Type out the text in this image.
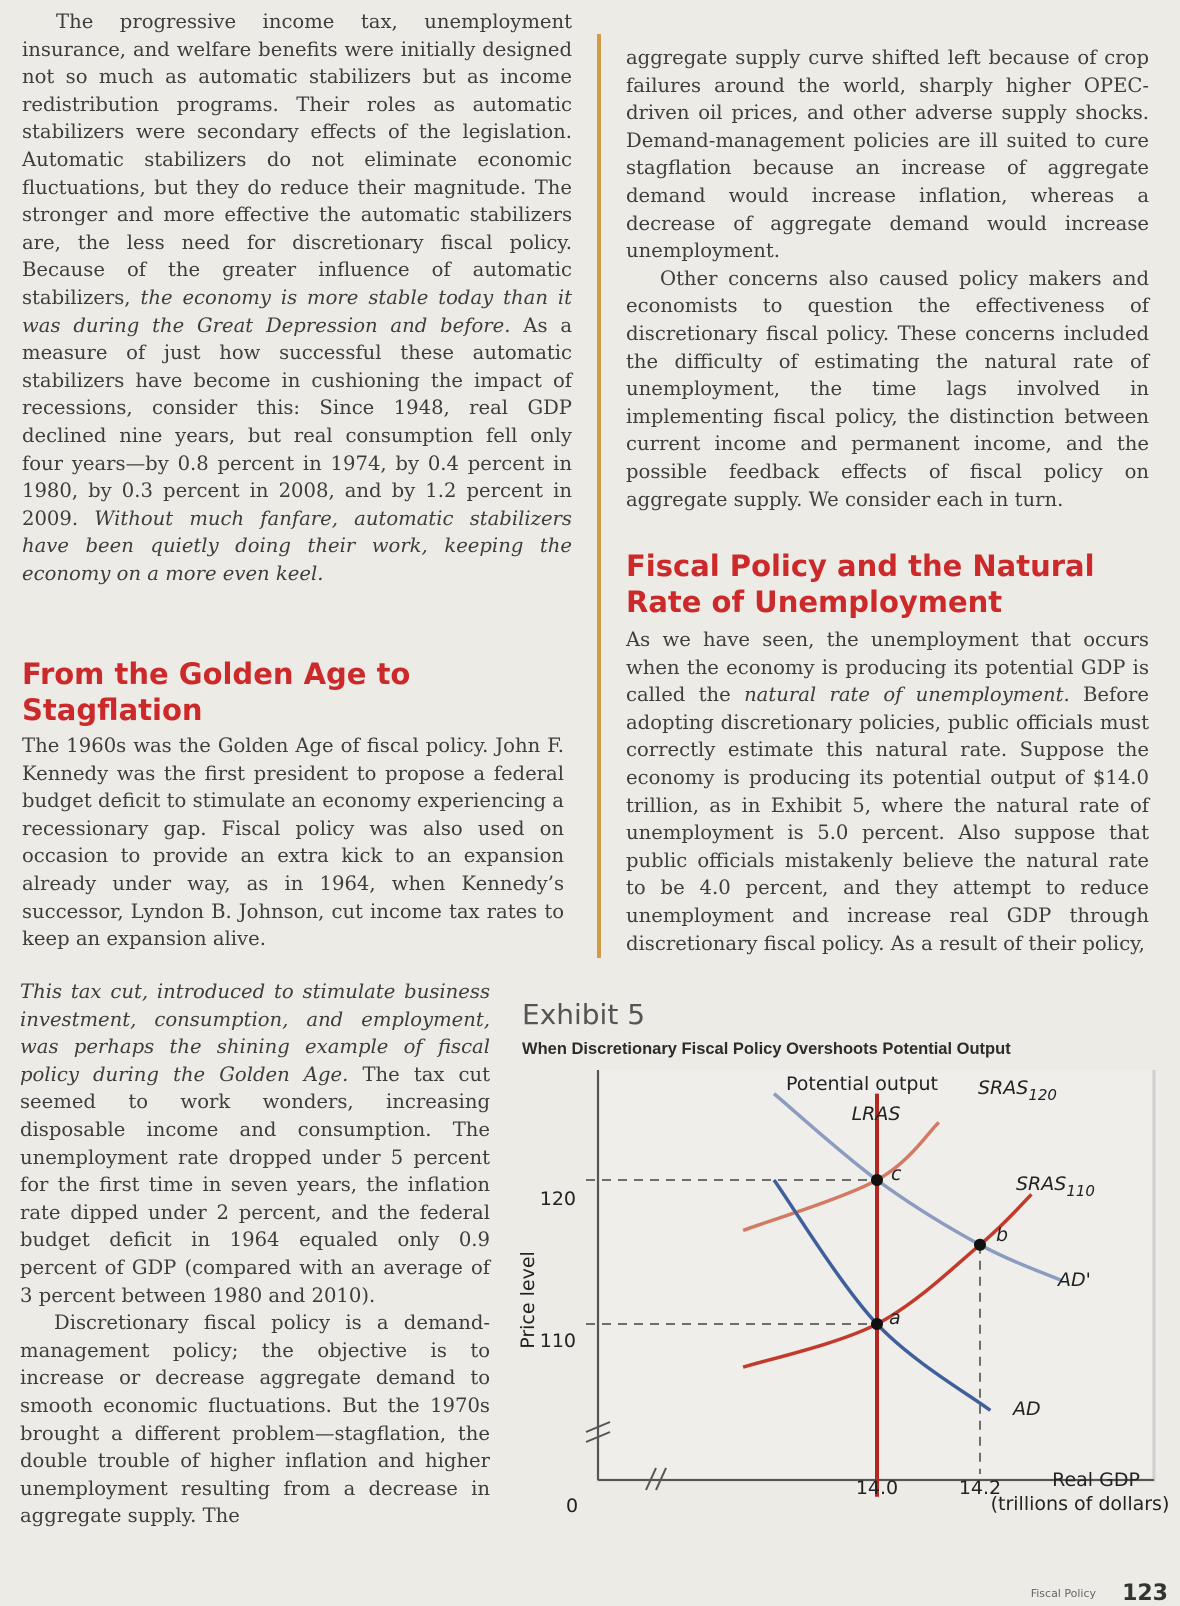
The progressive income tax, unemployment insurance, and welfare benefits were initially designed not so much as automatic stabilizers but as income redistribution programs. Their roles as automatic stabilizers were secondary effects of the legislation. Automatic stabilizers do not eliminate economic fluctuations, but they do reduce their magnitude. The stronger and more effective the automatic stabilizers are, the less need for discretionary fiscal policy. Because of the greater influence of automatic stabilizers, the economy is more stable today than it was during the Great Depression and before. As a measure of just how successful these automatic stabilizers have become in cushioning the impact of recessions, consider this: Since 1948, real GDP declined nine years, but real consumption fell only four years—by 0.8 percent in 1974, by 0.4 percent in 1980, by 0.3 percent in 2008, and by 1.2 percent in 2009. Without much fanfare, automatic stabilizers have been quietly doing their work, keeping the economy on a more even keel.

From the Golden Age to Stagflation

The 1960s was the Golden Age of fiscal policy. John F. Kennedy was the first president to propose a federal budget deficit to stimulate an economy experiencing a recessionary gap. Fiscal policy was also used on occasion to provide an extra kick to an expansion already under way, as in 1964, when Kennedy’s successor, Lyndon B. Johnson, cut income tax rates to keep an expansion alive.

This tax cut, introduced to stimulate business investment, consumption, and employment, was perhaps the shining example of fiscal policy during the Golden Age. The tax cut seemed to work wonders, increasing disposable income and consumption. The unemployment rate dropped under 5 percent for the first time in seven years, the inflation rate dipped under 2 percent, and the federal budget deficit in 1964 equaled only 0.9 percent of GDP (compared with an average of 3 percent between 1980 and 2010).

Discretionary fiscal policy is a demand-management policy; the objective is to increase or decrease aggregate demand to smooth economic fluctuations. But the 1970s brought a different problem—stagflation, the double trouble of higher inflation and higher unemployment resulting from a decrease in aggregate supply. The

aggregate supply curve shifted left because of crop failures around the world, sharply higher OPEC-driven oil prices, and other adverse supply shocks. Demand-management policies are ill suited to cure stagflation because an increase of aggregate demand would increase inflation, whereas a decrease of aggregate demand would increase unemployment.

Other concerns also caused policy makers and economists to question the effectiveness of discretionary fiscal policy. These concerns included the difficulty of estimating the natural rate of unemployment, the time lags involved in implementing fiscal policy, the distinction between current income and permanent income, and the possible feedback effects of fiscal policy on aggregate supply. We consider each in turn.

Fiscal Policy and the Natural Rate of Unemployment

As we have seen, the unemployment that occurs when the economy is producing its potential GDP is called the natural rate of unemployment. Before adopting discretionary policies, public officials must correctly estimate this natural rate. Suppose the economy is producing its potential output of $14.0 trillion, as in Exhibit 5, where the natural rate of unemployment is 5.0 percent. Also suppose that public officials mistakenly believe the natural rate to be 4.0 percent, and they attempt to reduce unemployment and increase real GDP through discretionary fiscal policy. As a result of their policy,

Exhibit 5
When Discretionary Fiscal Policy Overshoots Potential Output
a
b
c
120
110
0
14.0	14.2	Real GDP
(trillions of dollars)
Price level
Potential output
LRAS
$SRAS_{120}$
$SRAS_{110}$
AD'
AD
Fiscal Policy 123
